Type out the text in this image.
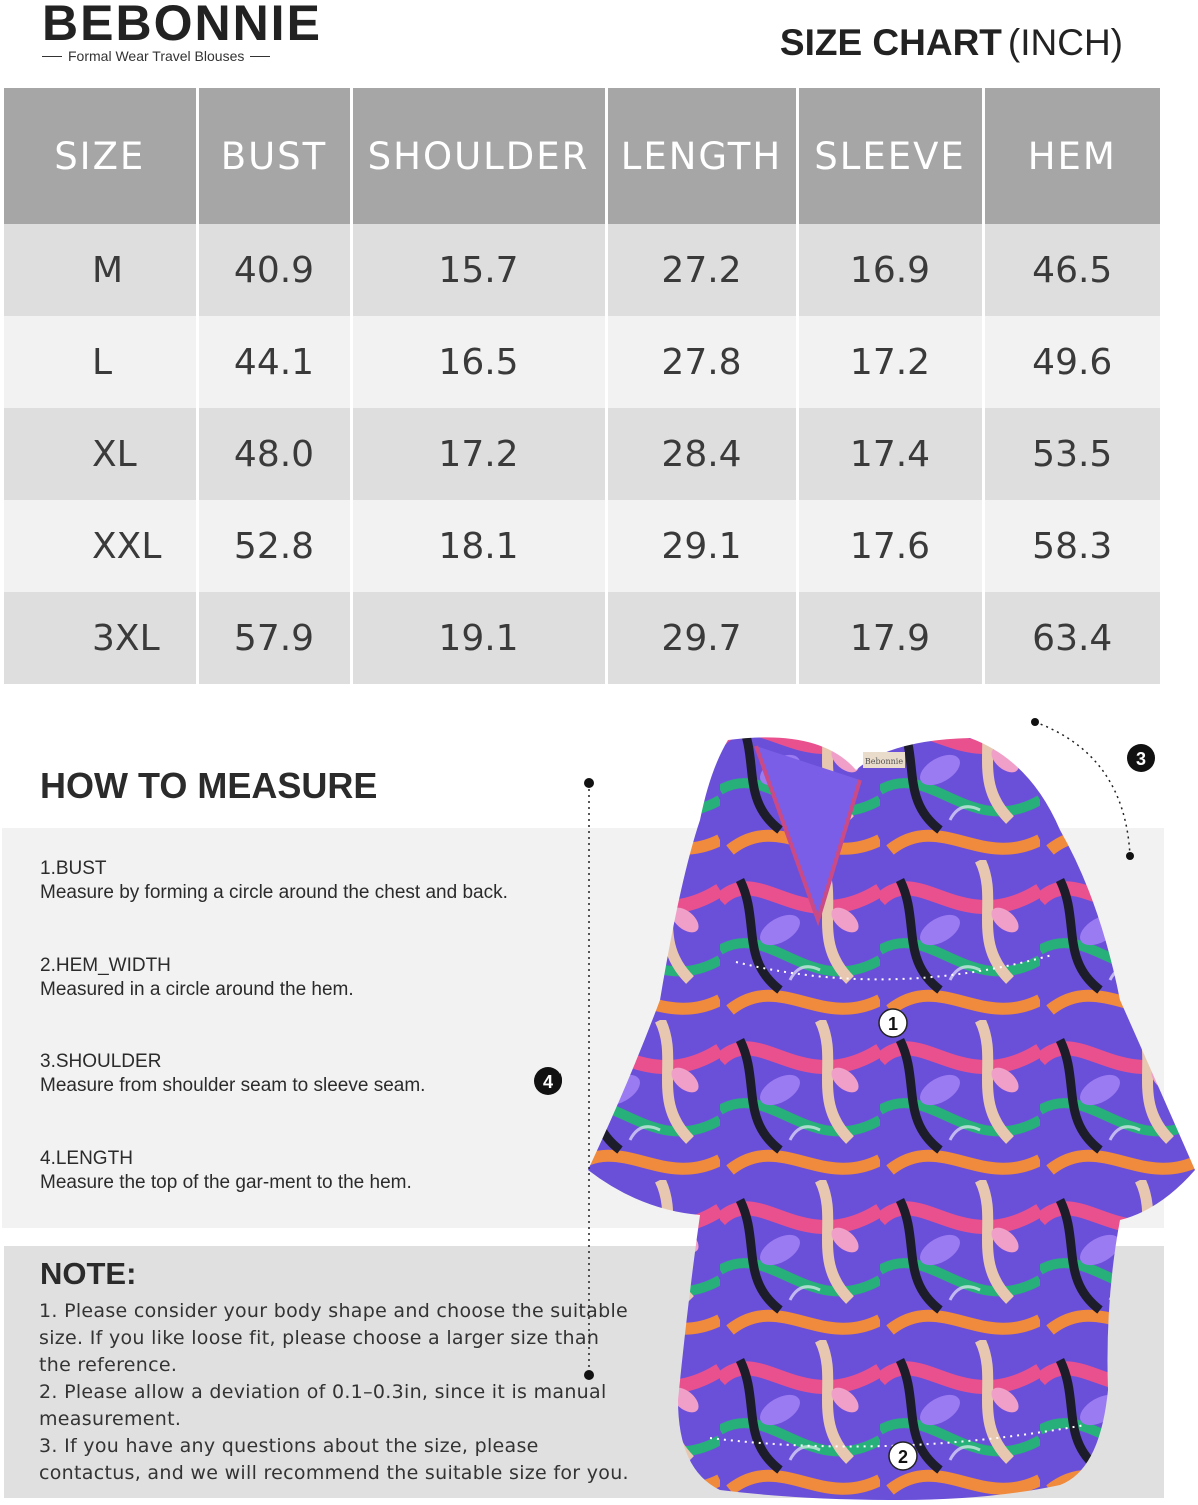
BEBONNIE
Formal Wear Travel Blouses	SIZE CHART (INCH)
SIZE	BUST	SHOULDER	LENGTH	SLEEVE	HEM
M	40.9	15.7	27.2	16.9	46.5
L	44.1	16.5	27.8	17.2	49.6
XL	48.0	17.2	28.4	17.4	53.5
XXL	52.8	18.1	29.1	17.6	58.3
3XL	57.9	19.1	29.7	17.9	63.4
HOW TO MEASURE
1.BUST
Measure by forming a circle around the chest and back.
2.HEM_WIDTH
Measured in a circle around the hem.
3.SHOULDER
Measure from shoulder seam to sleeve seam.
4.LENGTH
Measure the top of the gar-ment to the hem.
NOTE:
1. Please consider your body shape and choose the suitable size. If you like loose fit, please choose a larger size than the reference.
2. Please allow a deviation of 0.1–0.3in, since it is manual measurement.
3. If you have any questions about the size, please contactus, and we will recommend the suitable size for you.
Bebonnie
1
2
3
4
